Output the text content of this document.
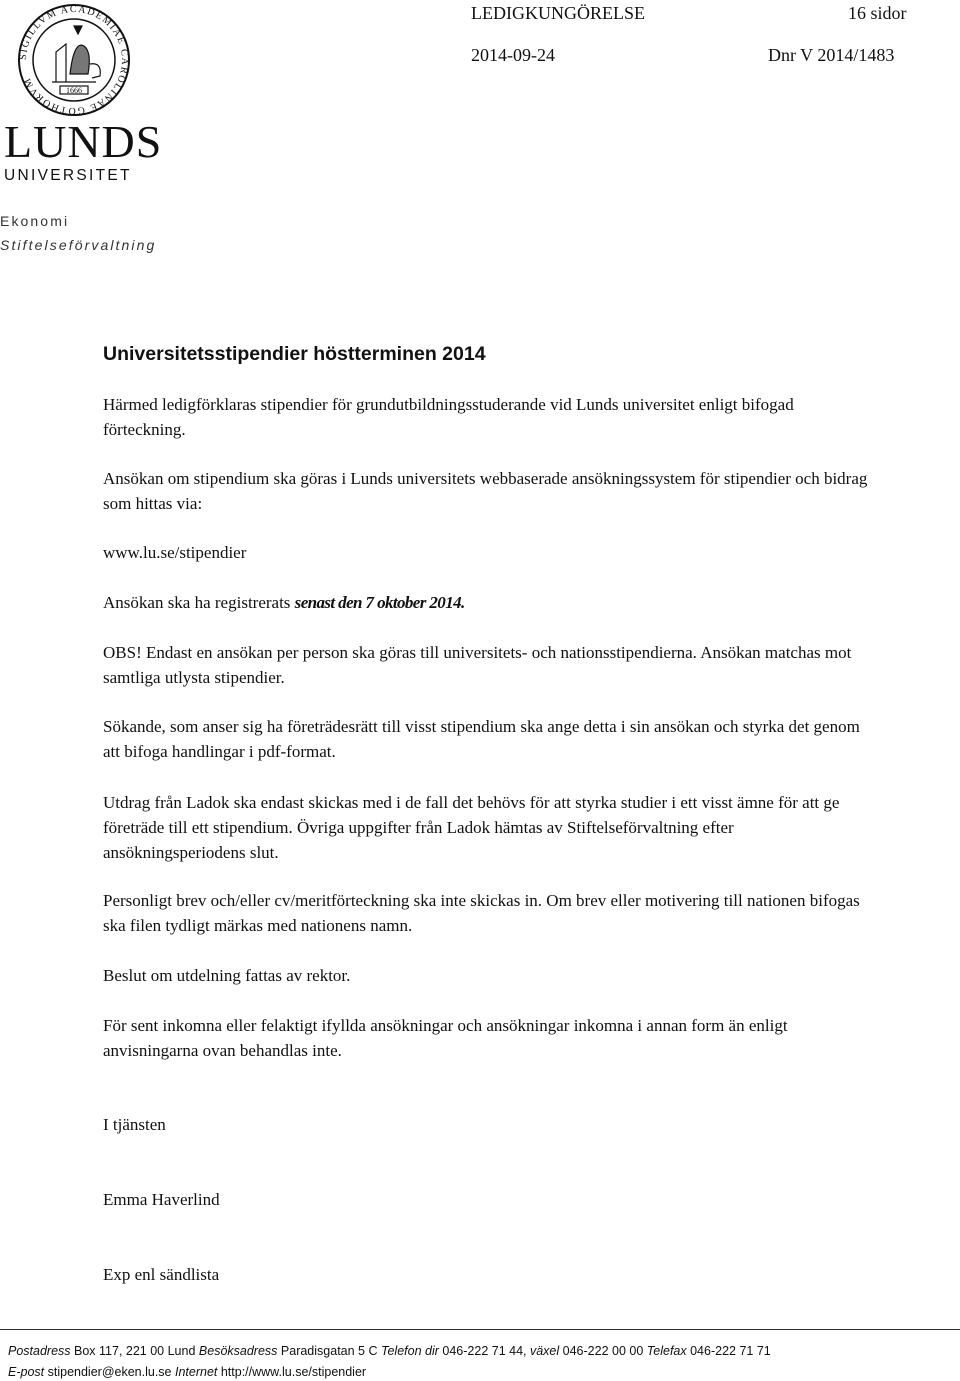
SIGILLVM ACADEMIAE CAROLINAE GOTHORVM
1666
LUNDS
UNIVERSITET
LEDIGKUNGÖRELSE	16 sidor
2014-09-24	Dnr V 2014/1483
Ekonomi
Stiftelseförvaltning
Universitetsstipendier höstterminen 2014
Härmed ledigförklaras stipendier för grundutbildningsstuderande vid Lunds universitet enligt bifogad förteckning.
Ansökan om stipendium ska göras i Lunds universitets webbaserade ansökningssystem för stipendier och bidrag som hittas via:
www.lu.se/stipendier
Ansökan ska ha registrerats senast den 7 oktober 2014.
OBS! Endast en ansökan per person ska göras till universitets- och nationsstipendierna. Ansökan matchas mot samtliga utlysta stipendier.
Sökande, som anser sig ha företrädesrätt till visst stipendium ska ange detta i sin ansökan och styrka det genom att bifoga handlingar i pdf-format.
Utdrag från Ladok ska endast skickas med i de fall det behövs för att styrka studier i ett visst ämne för att ge företräde till ett stipendium. Övriga uppgifter från Ladok hämtas av Stiftelseförvaltning efter ansökningsperiodens slut.
Personligt brev och/eller cv/meritförteckning ska inte skickas in. Om brev eller motivering till nationen bifogas ska filen tydligt märkas med nationens namn.
Beslut om utdelning fattas av rektor.
För sent inkomna eller felaktigt ifyllda ansökningar och ansökningar inkomna i annan form än enligt anvisningarna ovan behandlas inte.
I tjänsten
Emma Haverlind
Exp enl sändlista
Postadress Box 117, 221 00 Lund Besöksadress Paradisgatan 5 C Telefon dir 046-222 71 44, växel 046-222 00 00 Telefax 046-222 71 71
E-post stipendier@eken.lu.se Internet http://www.lu.se/stipendier
